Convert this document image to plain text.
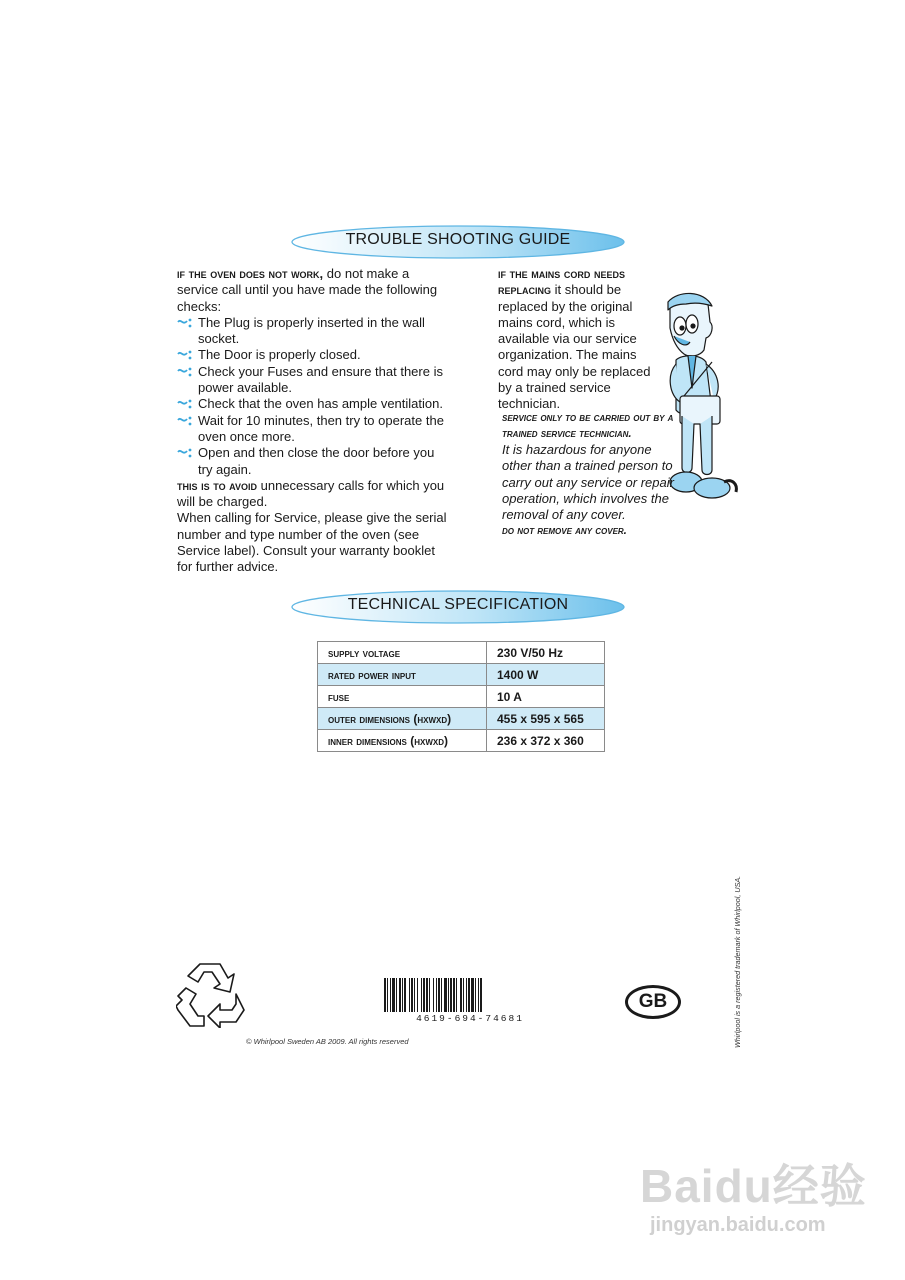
TROUBLE SHOOTING GUIDE

if the oven does not work, do not make a service call until you have made the following checks:

The Plug is properly inserted in the wall socket.
The Door is properly closed.
Check your Fuses and ensure that there is power available.
Check that the oven has ample ventilation.
Wait for 10 minutes, then try to operate the oven once more.
Open and then close the door before you try again.

this is to avoid unnecessary calls for which you will be charged.

When calling for Service, please give the serial number and type number of the oven (see Service label). Consult your warranty booklet for further advice.

if the mains cord needs replacing it should be replaced by the original mains cord, which is available via our service organization. The mains cord may only be replaced by a trained service technician.

service only to be carried out by a trained service technician.
It is hazardous for anyone other than a trained person to carry out any service or repair operation, which involves the removal of any cover.
do not remove any cover.
TECHNICAL SPECIFICATION
supply voltage	230 V/50 Hz
rated power input	1400 W
fuse	10 A
outer dimensions (hxwxd)	455 x 595 x 565
inner dimensions (hxwxd)	236 x 372 x 360
4619-694-74681
© Whirlpool Sweden AB 2009. All rights reserved
GB	Whirlpool is a registered trademark of Whirlpool, USA.
Baidu经验
jingyan.baidu.com
